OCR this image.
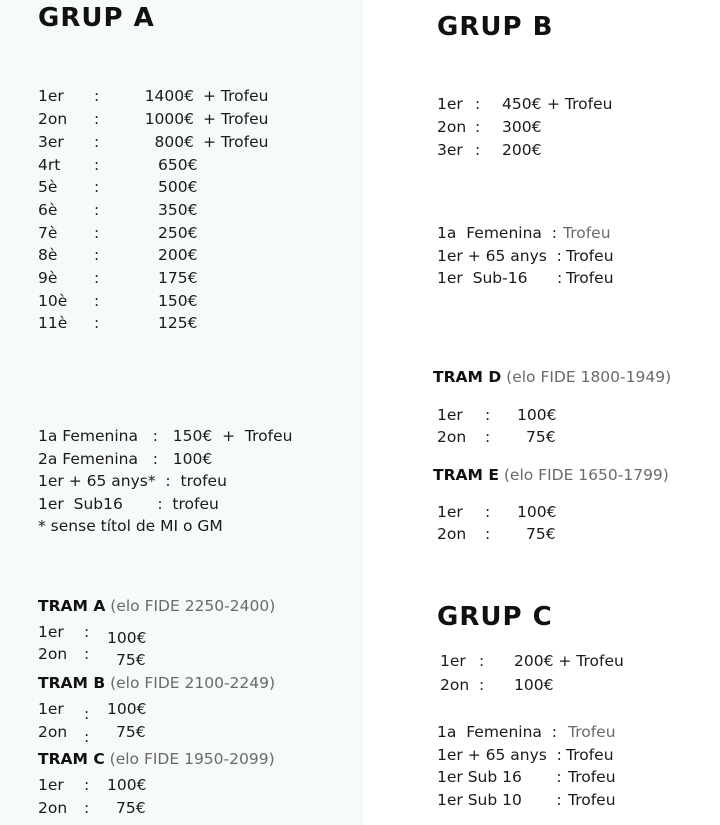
GRUP A
1er :	1400€ + Trofeu
2on :	1000€ + Trofeu
3er :	800€ + Trofeu
4rt :	650€
5è :	500€
6è :	350€
7è :	250€
8è :	200€
9è :	175€
10è :	150€
11è :	125€
1a Femenina   :   150€  +  Trofeu
2a Femenina   :   100€
1er + 65 anys*  :  trofeu
1er  Sub16       :  trofeu
* sense títol de MI o GM
TRAM A (elo FIDE 2250-2400)
1er : 100€
2on : 75€
TRAM B (elo FIDE 2100-2249)
1er : 100€
2on : 75€
TRAM C (elo FIDE 1950-2099)
1er : 100€
2on : 75€
GRUP B
1er : 450€ + Trofeu
2on : 300€
3er : 200€
1a  Femenina  : Trofeu
1er + 65 anys  : Trofeu
1er  Sub-16      : Trofeu
TRAM D (elo FIDE 1800-1949)
1er : 100€
2on : 75€
TRAM E (elo FIDE 1650-1799)
1er : 100€
2on : 75€
GRUP C
1er : 200€ + Trofeu
2on : 100€
1a  Femenina  : Trofeu
1er + 65 anys  : Trofeu
1er Sub 16       : Trofeu
1er Sub 10       : Trofeu
